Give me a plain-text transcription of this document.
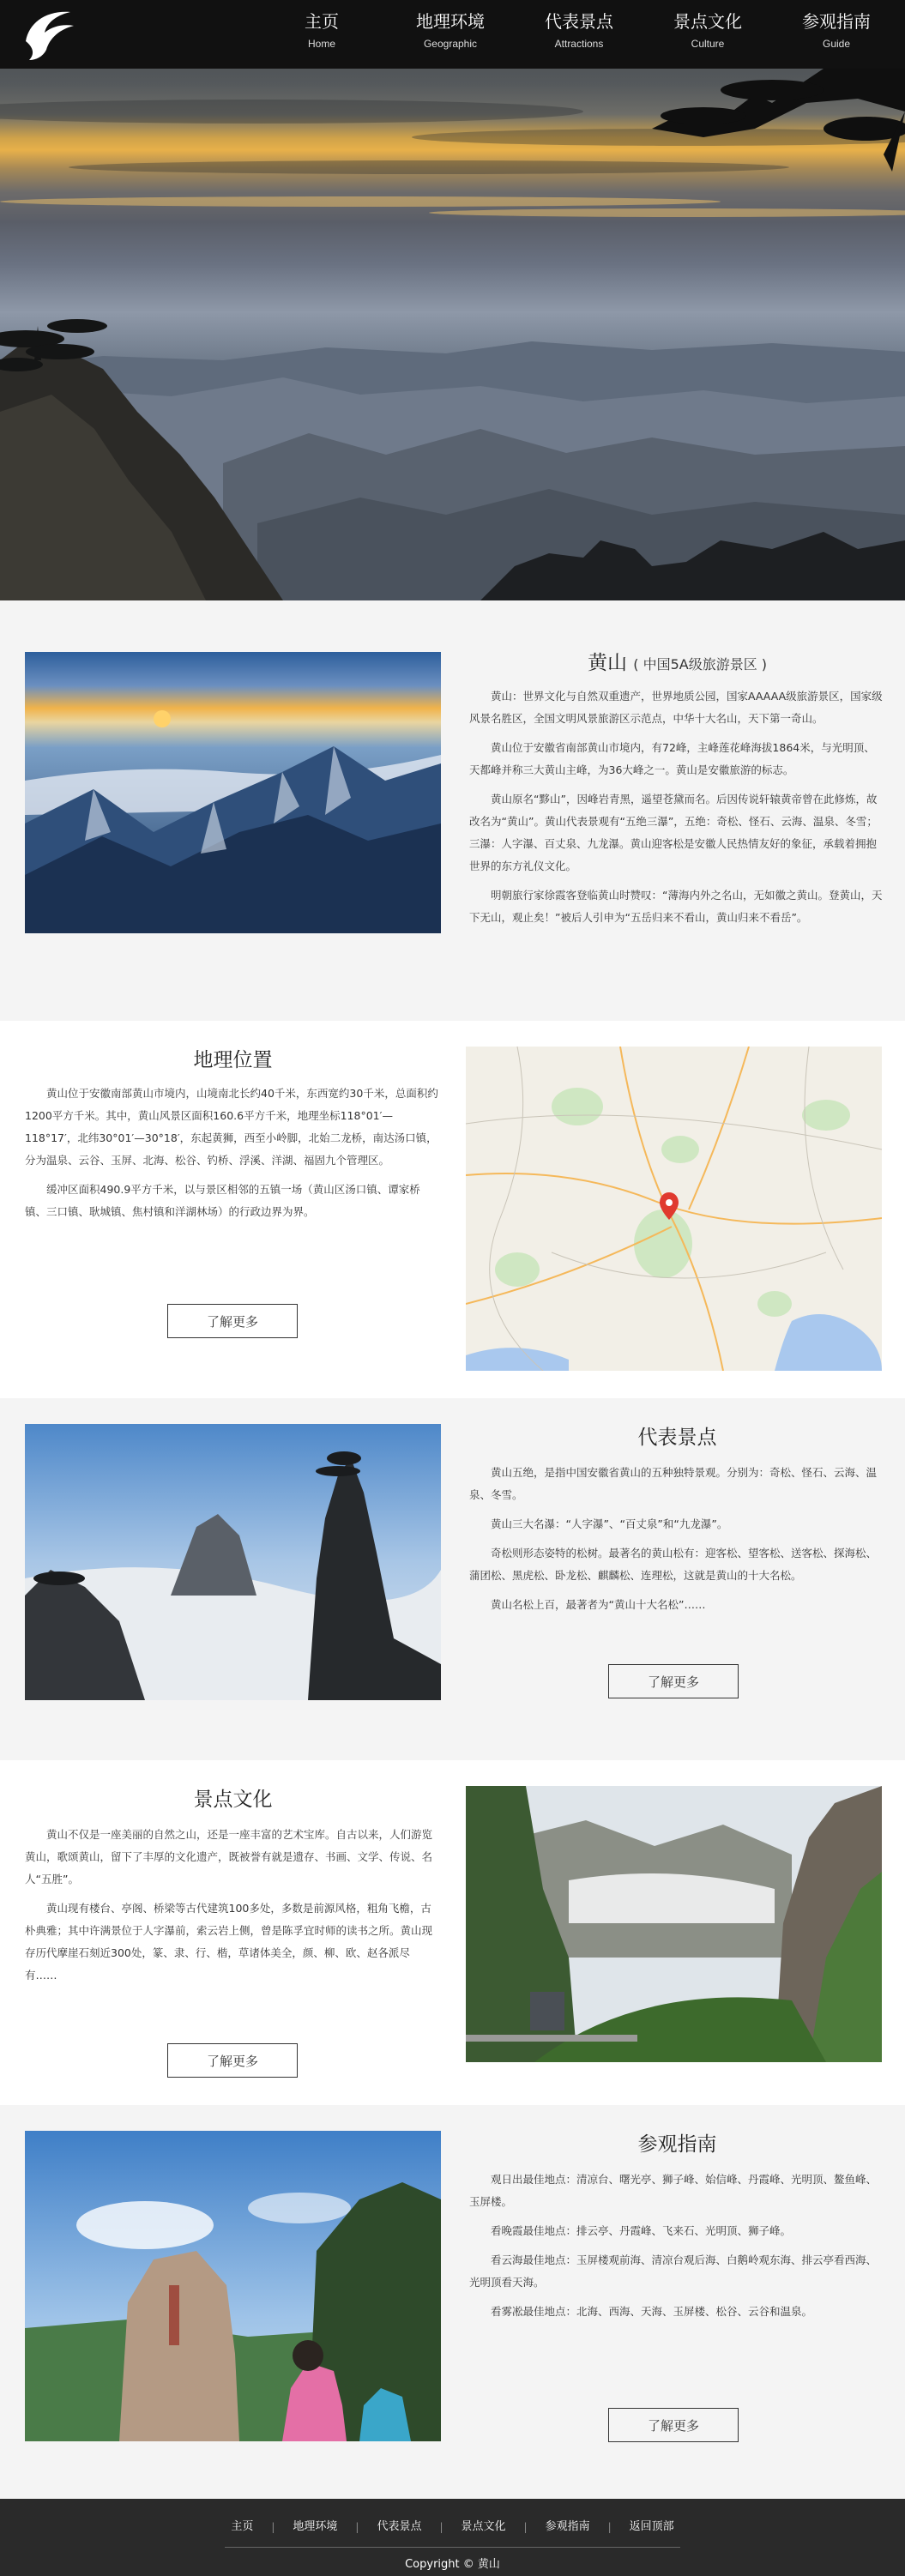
主页
Home
地理环境
Geographic
代表景点
Attractions
景点文化
Culture
参观指南
Guide
黄山 ( 中国5A级旅游景区 )

黄山：世界文化与自然双重遗产，世界地质公园，国家AAAAA级旅游景区，国家级风景名胜区，全国文明风景旅游区示范点，中华十大名山，天下第一奇山。

黄山位于安徽省南部黄山市境内，有72峰，主峰莲花峰海拔1864米，与光明顶、天都峰并称三大黄山主峰，为36大峰之一。黄山是安徽旅游的标志。

黄山原名“黟山”，因峰岩青黑，遥望苍黛而名。后因传说轩辕黄帝曾在此修炼，故改名为“黄山”。黄山代表景观有“五绝三瀑”，五绝：奇松、怪石、云海、温泉、冬雪；三瀑：人字瀑、百丈泉、九龙瀑。黄山迎客松是安徽人民热情友好的象征，承载着拥抱世界的东方礼仪文化。

明朝旅行家徐霞客登临黄山时赞叹：“薄海内外之名山，无如徽之黄山。登黄山，天下无山，观止矣！”被后人引申为“五岳归来不看山，黄山归来不看岳”。

地理位置

黄山位于安徽南部黄山市境内，山境南北长约40千米，东西宽约30千米，总面积约1200平方千米。其中，黄山风景区面积160.6平方千米，地理坐标118°01′—118°17′，北纬30°01′—30°18′，东起黄狮，西至小岭脚，北始二龙桥，南达汤口镇，分为温泉、云谷、玉屏、北海、松谷、钓桥、浮溪、洋湖、福固九个管理区。

缓冲区面积490.9平方千米，以与景区相邻的五镇一场（黄山区汤口镇、谭家桥镇、三口镇、耿城镇、焦村镇和洋湖林场）的行政边界为界。

了解更多
代表景点

黄山五绝，是指中国安徽省黄山的五种独特景观。分别为：奇松、怪石、云海、温泉、冬雪。

黄山三大名瀑：“人字瀑”、“百丈泉”和“九龙瀑”。

奇松则形态姿特的松树。最著名的黄山松有：迎客松、望客松、送客松、探海松、蒲团松、黑虎松、卧龙松、麒麟松、连理松，这就是黄山的十大名松。

黄山名松上百，最著者为“黄山十大名松”……

了解更多
景点文化

黄山不仅是一座美丽的自然之山，还是一座丰富的艺术宝库。自古以来，人们游览黄山，歌颂黄山，留下了丰厚的文化遗产，既被誉有就是遗存、书画、文学、传说、名人“五胜”。

黄山现有楼台、亭阁、桥梁等古代建筑100多处，多数是前源风格，粗角飞檐，古朴典雅；其中许满景位于人字瀑前，索云岩上侧，曾是陈孚宜时师的读书之所。黄山现存历代摩崖石刻近300处，篆、隶、行、楷，草诸体美全，颜、柳、欧、赵各派尽有……

了解更多
参观指南

观日出最佳地点：清凉台、曙光亭、狮子峰、始信峰、丹霞峰、光明顶、鳌鱼峰、玉屏楼。

看晚霞最佳地点：排云亭、丹霞峰、飞来石、光明顶、狮子峰。

看云海最佳地点：玉屏楼观前海、清凉台观后海、白鹅岭观东海、排云亭看西海、光明顶看天海。

看雾凇最佳地点：北海、西海、天海、玉屏楼、松谷、云谷和温泉。

了解更多
主页	|	地理环境	|	代表景点	|	景点文化	|	参观指南	|	返回顶部
Copyright © 黄山
